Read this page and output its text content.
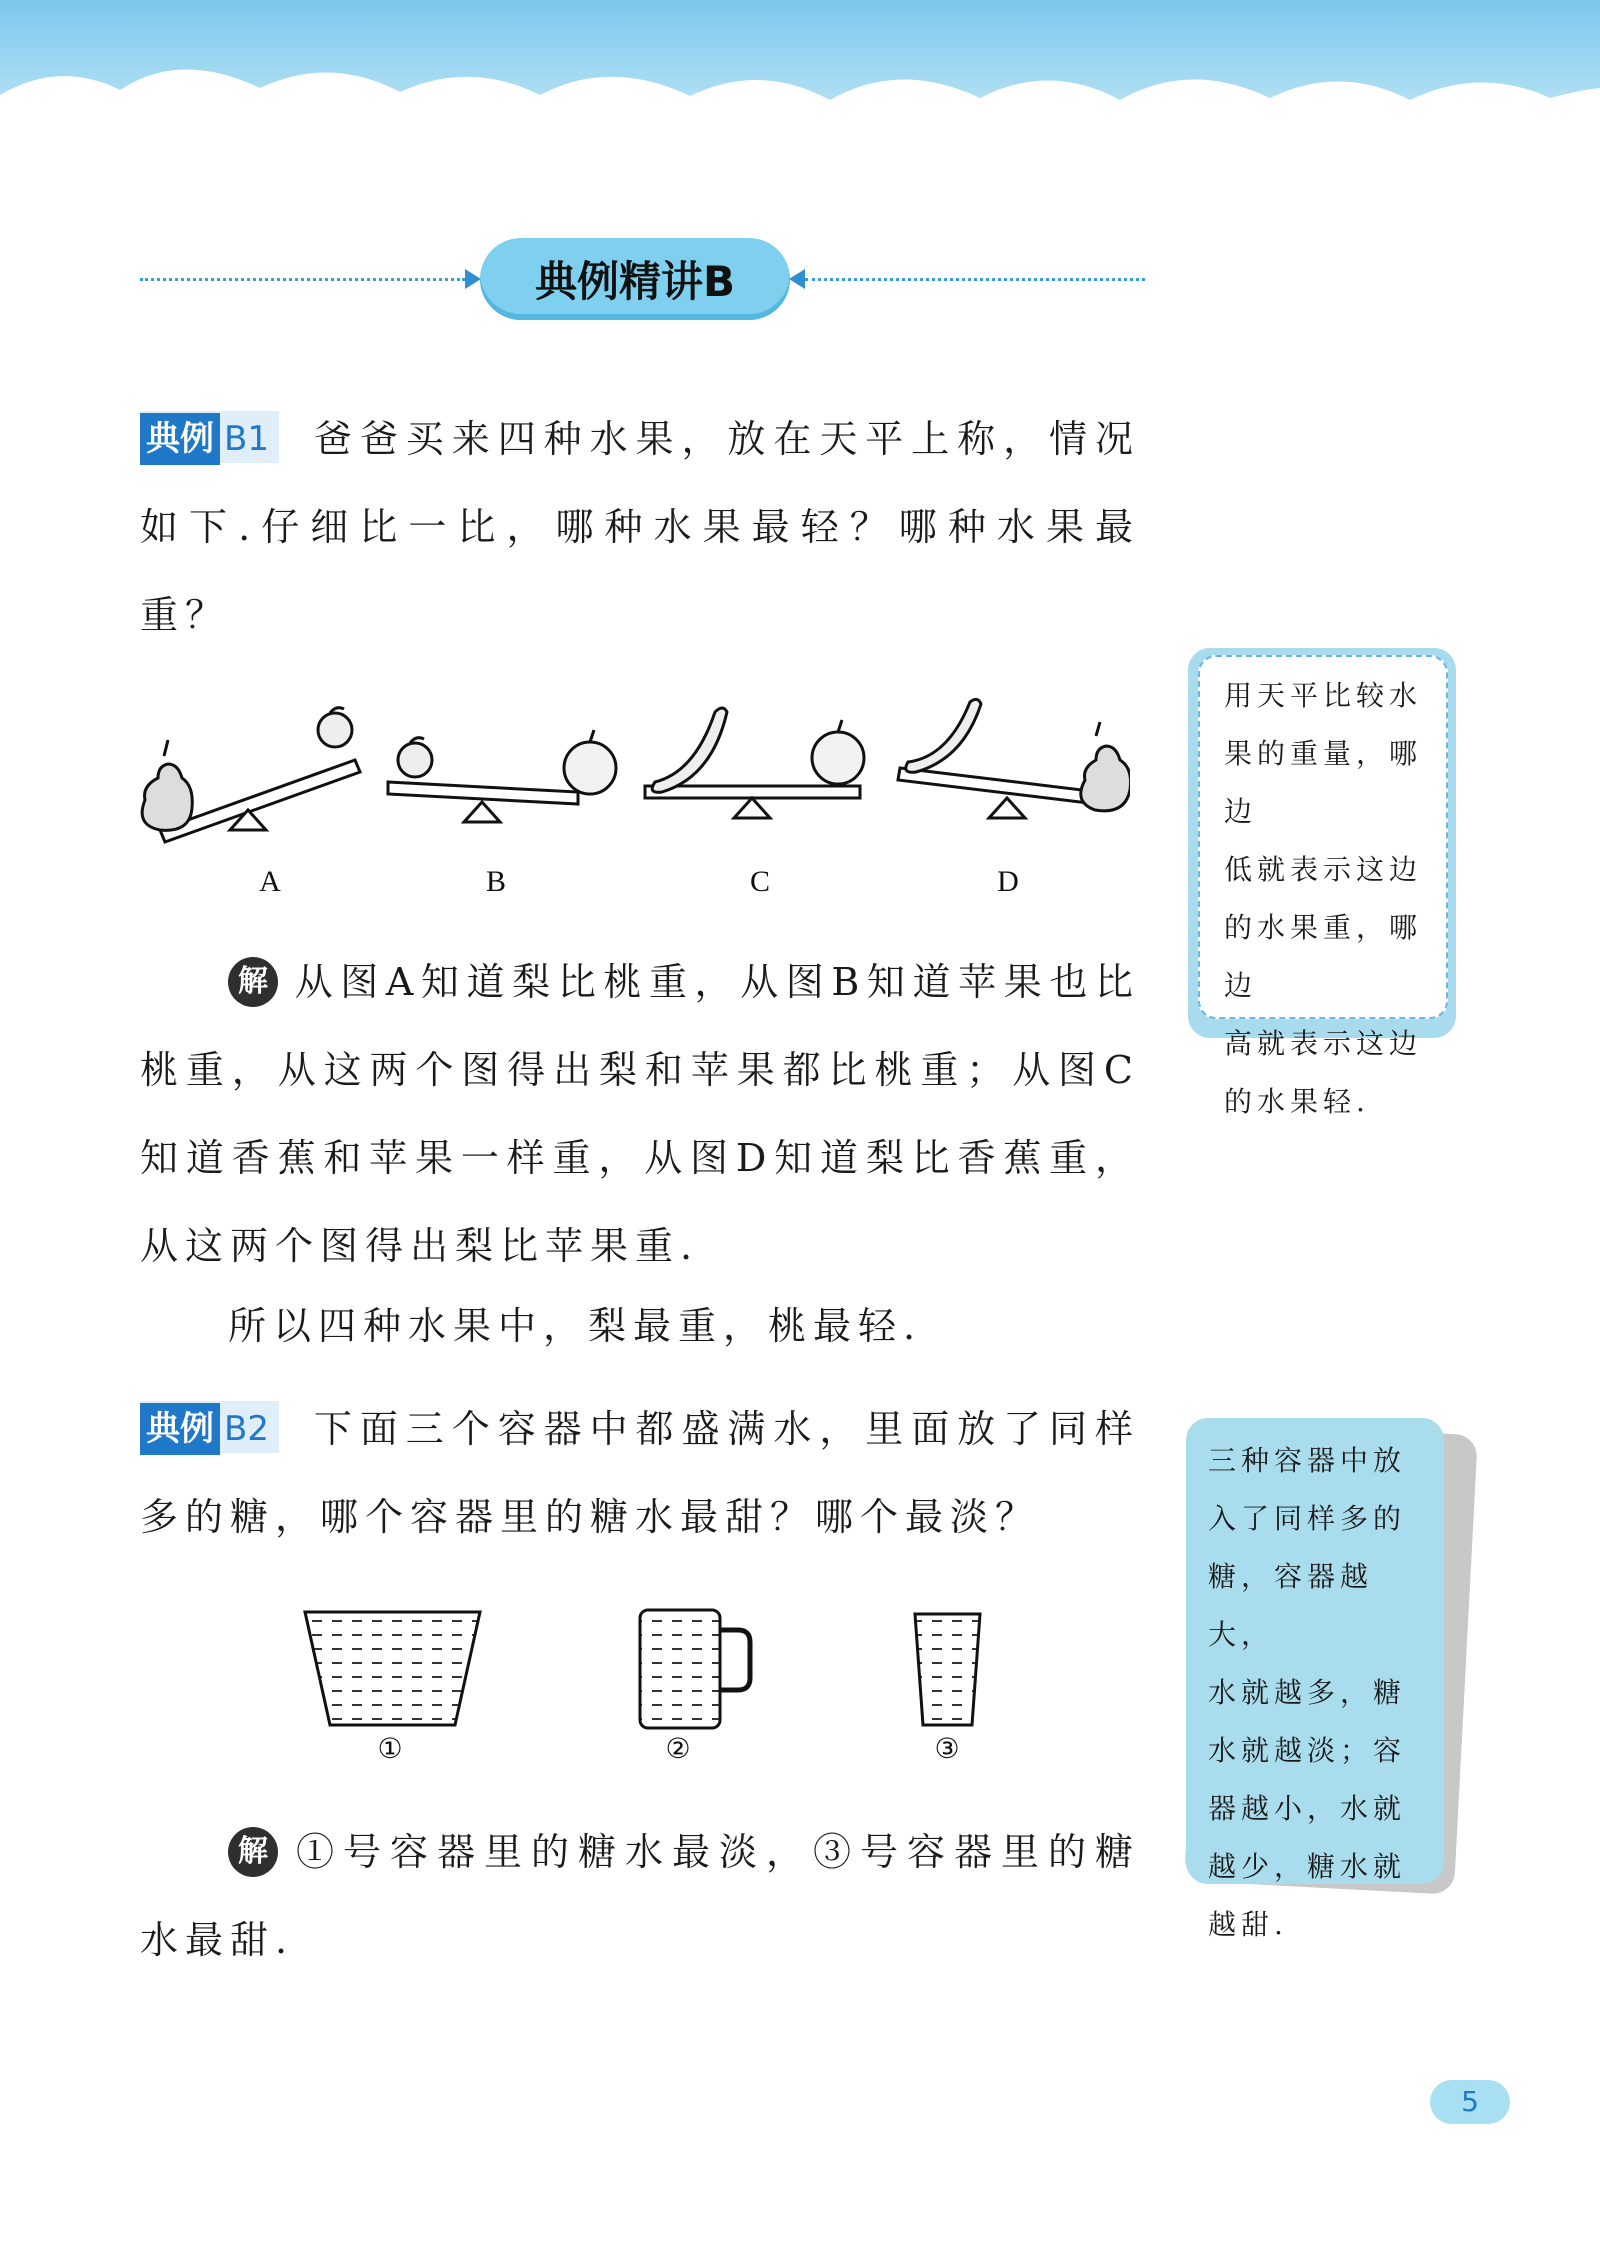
典例精讲B
典例 B1 爸爸买来四种水果，放在天平上称，情况如下.仔细比一比，哪种水果最轻？哪种水果最重？
A	B	C	D
用天平比较水
果的重量，哪边
低就表示这边
的水果重，哪边
高就表示这边
的水果轻.
解 从图A知道梨比桃重，从图B知道苹果也比桃重，从这两个图得出梨和苹果都比桃重；从图C知道香蕉和苹果一样重，从图D知道梨比香蕉重，从这两个图得出梨比苹果重.
所以四种水果中，梨最重，桃最轻.
典例 B2 下面三个容器中都盛满水，里面放了同样多的糖，哪个容器里的糖水最甜？哪个最淡？
①	②	③
三种容器中放
入了同样多的
糖，容器越大，
水就越多，糖
水就越淡；容
器越小，水就
越少，糖水就
越甜.
解 ①号容器里的糖水最淡，③号容器里的糖水最甜.
5
